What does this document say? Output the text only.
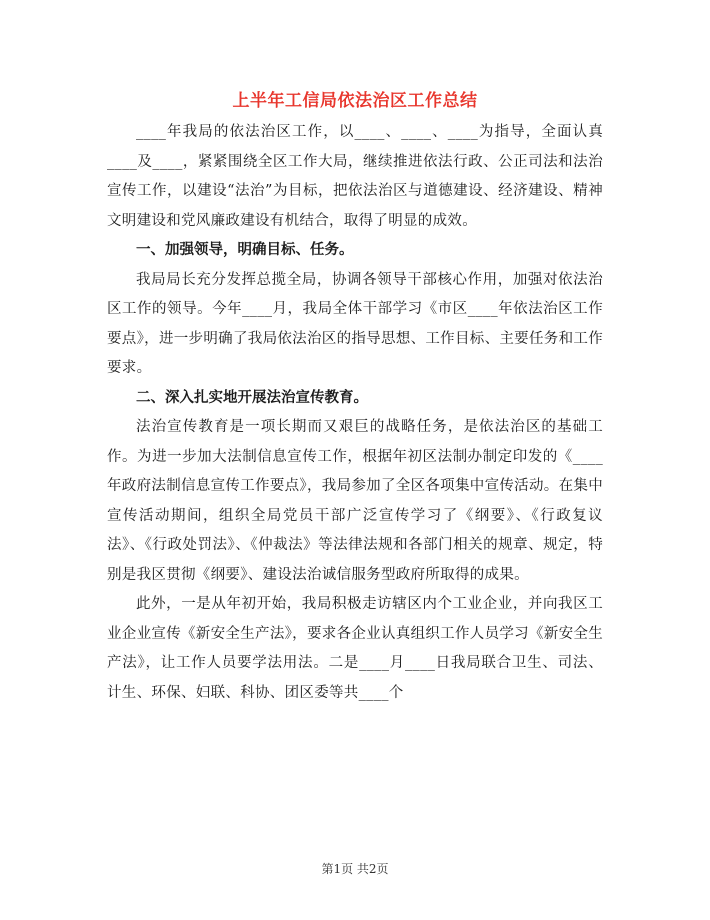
上半年工信局依法治区工作总结

____年我局的依法治区工作，以____、____、____为指导，全面认真____及____，紧紧围绕全区工作大局，继续推进依法行政、公正司法和法治宣传工作，以建设“法治”为目标，把依法治区与道德建设、经济建设、精神文明建设和党风廉政建设有机结合，取得了明显的成效。

一、加强领导，明确目标、任务。

我局局长充分发挥总揽全局，协调各领导干部核心作用，加强对依法治区工作的领导。今年____月，我局全体干部学习《市区____年依法治区工作要点》，进一步明确了我局依法治区的指导思想、工作目标、主要任务和工作要求。

二、深入扎实地开展法治宣传教育。

法治宣传教育是一项长期而又艰巨的战略任务，是依法治区的基础工作。为进一步加大法制信息宣传工作，根据年初区法制办制定印发的《____年政府法制信息宣传工作要点》，我局参加了全区各项集中宣传活动。在集中宣传活动期间，组织全局党员干部广泛宣传学习了《纲要》、《行政复议法》、《行政处罚法》、《仲裁法》等法律法规和各部门相关的规章、规定，特别是我区贯彻《纲要》、建设法治诚信服务型政府所取得的成果。

此外，一是从年初开始，我局积极走访辖区内个工业企业，并向我区工业企业宣传《新安全生产法》，要求各企业认真组织工作人员学习《新安全生产法》，让工作人员要学法用法。二是____月____日我局联合卫生、司法、计生、环保、妇联、科协、团区委等共____个

第1页 共2页
